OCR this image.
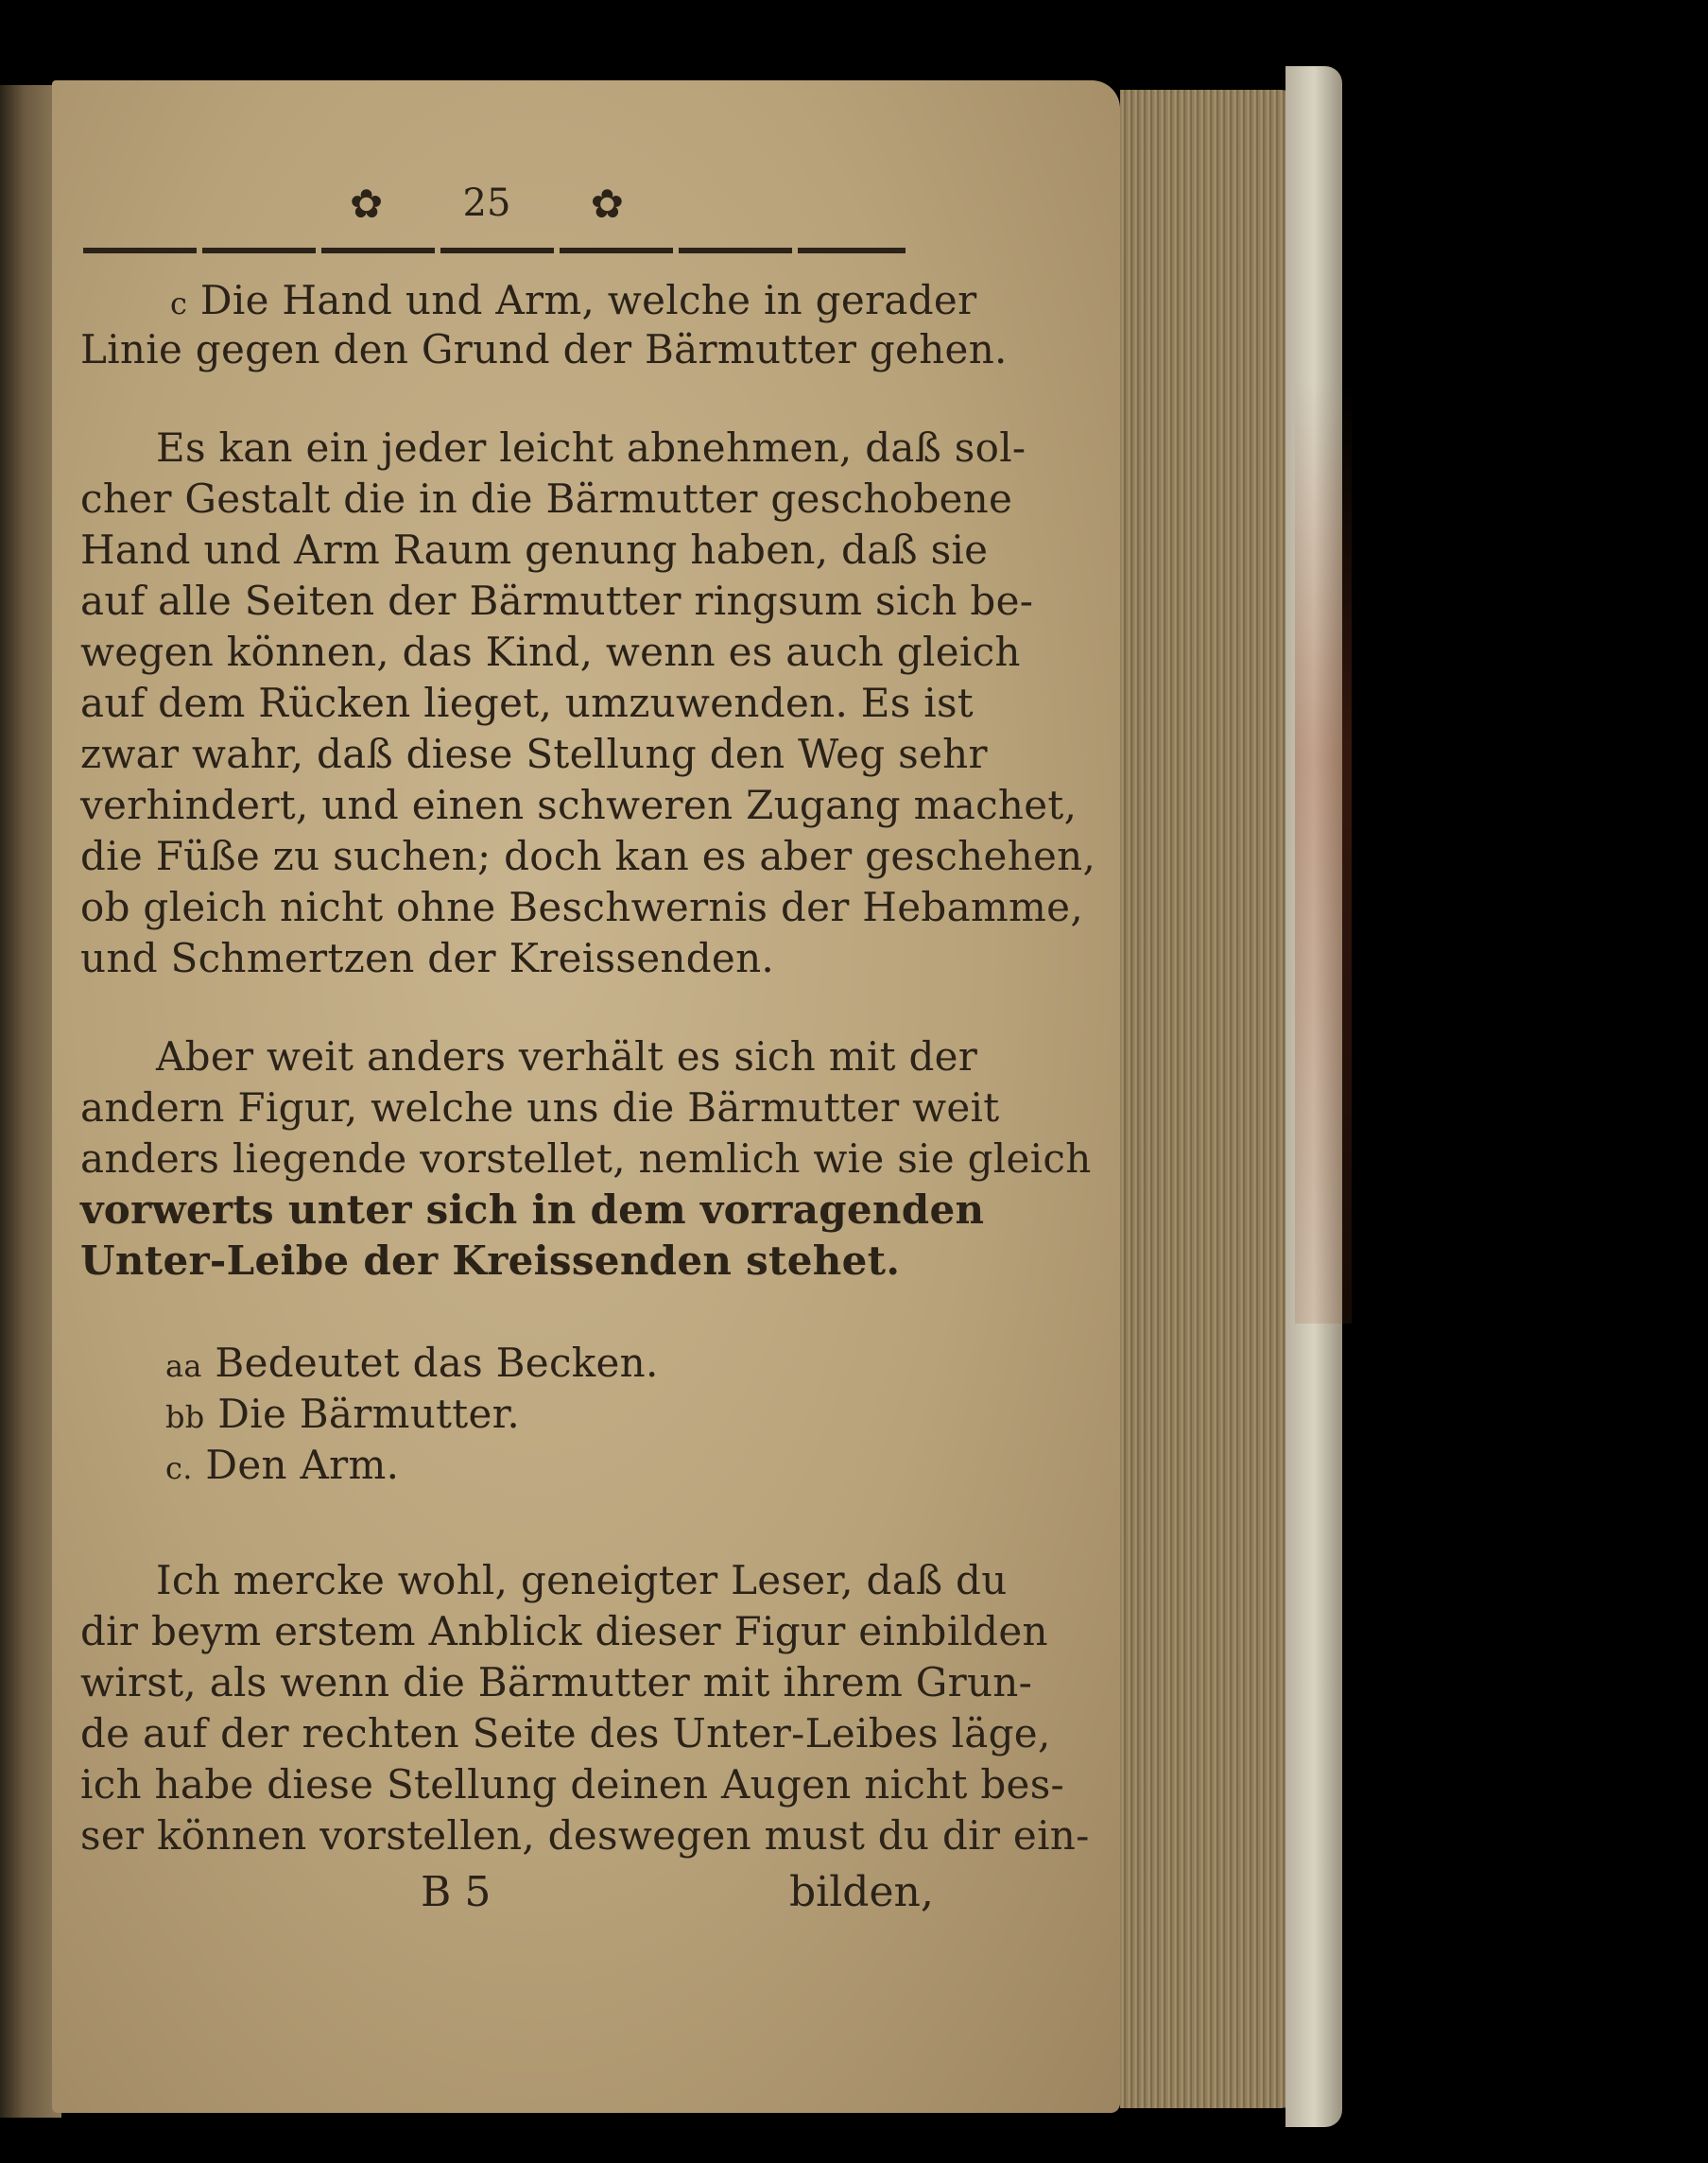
✿ 25 ✿
c Die Hand und Arm, welche in gerader
Linie gegen den Grund der Bärmutter gehen.
Es kan ein jeder leicht abnehmen, daß sol-
cher Gestalt die in die Bärmutter geschobene
Hand und Arm Raum genung haben, daß sie
auf alle Seiten der Bärmutter ringsum sich be-
wegen können, das Kind, wenn es auch gleich
auf dem Rücken lieget, umzuwenden. Es ist
zwar wahr, daß diese Stellung den Weg sehr
verhindert, und einen schweren Zugang machet,
die Füße zu suchen; doch kan es aber geschehen,
ob gleich nicht ohne Beschwernis der Hebamme,
und Schmertzen der Kreissenden.
Aber weit anders verhält es sich mit der
andern Figur, welche uns die Bärmutter weit
anders liegende vorstellet, nemlich wie sie gleich
vorwerts unter sich in dem vorragenden
Unter-Leibe der Kreissenden stehet.
aa Bedeutet das Becken.
bb Die Bärmutter.
c. Den Arm.
Ich mercke wohl, geneigter Leser, daß du
dir beym erstem Anblick dieser Figur einbilden
wirst, als wenn die Bärmutter mit ihrem Grun-
de auf der rechten Seite des Unter-Leibes läge,
ich habe diese Stellung deinen Augen nicht bes-
ser können vorstellen, deswegen must du dir ein-
B 5	bilden,
